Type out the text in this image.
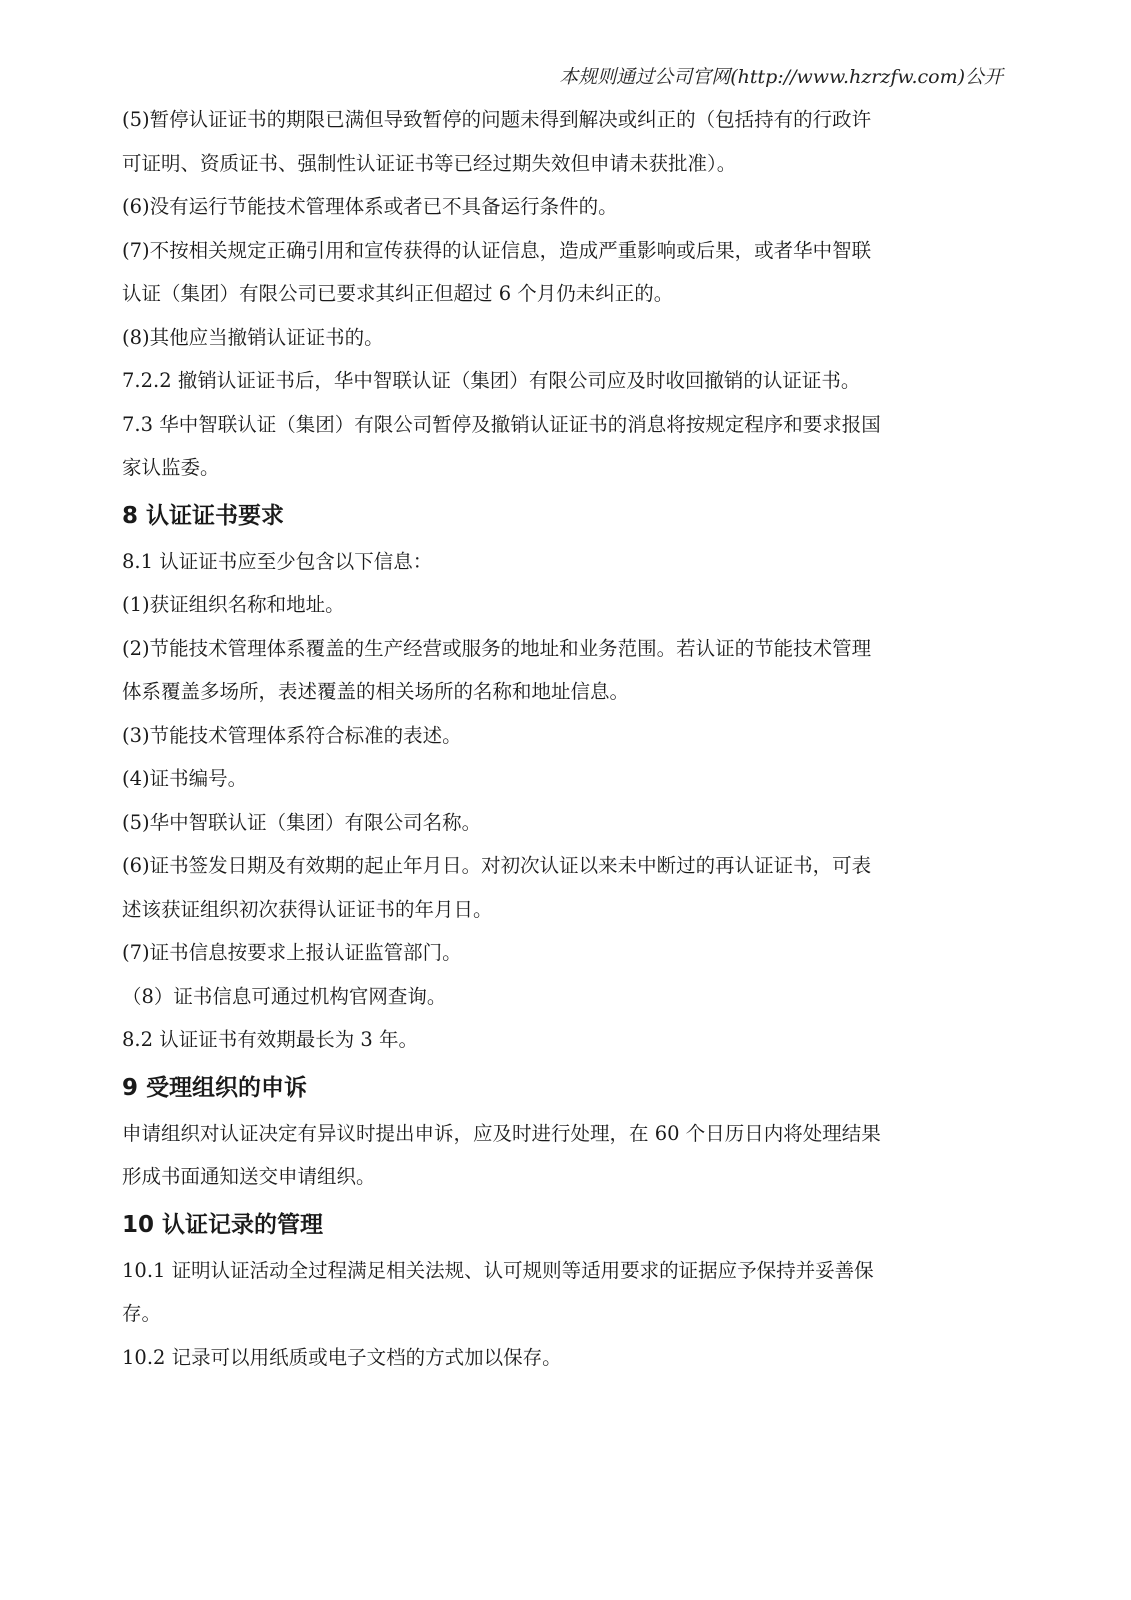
本规则通过公司官网(http://www.hzrzfw.com)公开

(5)暂停认证证书的期限已满但导致暂停的问题未得到解决或纠正的（包括持有的行政许

可证明、资质证书、强制性认证证书等已经过期失效但申请未获批准）。

(6)没有运行节能技术管理体系或者已不具备运行条件的。

(7)不按相关规定正确引用和宣传获得的认证信息，造成严重影响或后果，或者华中智联

认证（集团）有限公司已要求其纠正但超过 6 个月仍未纠正的。

(8)其他应当撤销认证证书的。

7.2.2 撤销认证证书后，华中智联认证（集团）有限公司应及时收回撤销的认证证书。

7.3 华中智联认证（集团）有限公司暂停及撤销认证证书的消息将按规定程序和要求报国

家认监委。

8 认证证书要求

8.1 认证证书应至少包含以下信息：

(1)获证组织名称和地址。

(2)节能技术管理体系覆盖的生产经营或服务的地址和业务范围。若认证的节能技术管理

体系覆盖多场所，表述覆盖的相关场所的名称和地址信息。

(3)节能技术管理体系符合标准的表述。

(4)证书编号。

(5)华中智联认证（集团）有限公司名称。

(6)证书签发日期及有效期的起止年月日。对初次认证以来未中断过的再认证证书，可表

述该获证组织初次获得认证证书的年月日。

(7)证书信息按要求上报认证监管部门。

（8）证书信息可通过机构官网查询。

8.2 认证证书有效期最长为 3 年。

9 受理组织的申诉

申请组织对认证决定有异议时提出申诉，应及时进行处理，在 60 个日历日内将处理结果

形成书面通知送交申请组织。

10 认证记录的管理

10.1 证明认证活动全过程满足相关法规、认可规则等适用要求的证据应予保持并妥善保

存。

10.2 记录可以用纸质或电子文档的方式加以保存。
